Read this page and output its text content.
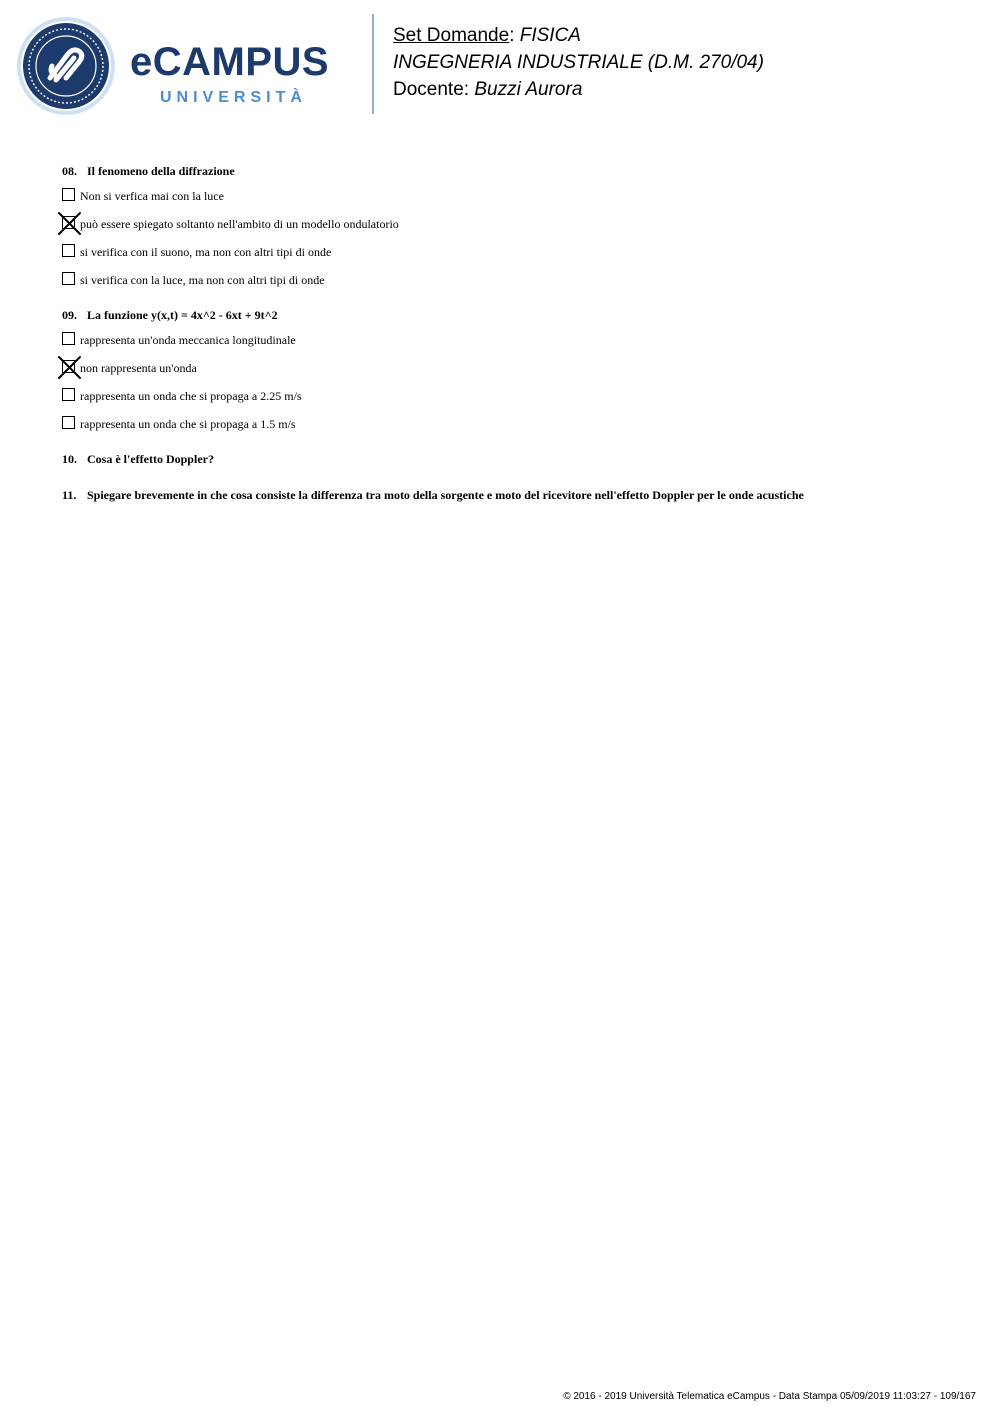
eCAMPUS
UNIVERSITÀ
Set Domande: FISICA
INGEGNERIA INDUSTRIALE (D.M. 270/04)
Docente: Buzzi Aurora
08. Il fenomeno della diffrazione
Non si verfica mai con la luce
può essere spiegato soltanto nell'ambito di un modello ondulatorio
si verifica con il suono, ma non con altri tipi di onde
si verifica con la luce, ma non con altri tipi di onde
09. La funzione y(x,t) = 4x^2 - 6xt + 9t^2
rappresenta un'onda meccanica longitudinale
non rappresenta un'onda
rappresenta un onda che si propaga a 2.25 m/s
rappresenta un onda che si propaga a 1.5 m/s
10. Cosa è l'effetto Doppler?
11. Spiegare brevemente in che cosa consiste la differenza tra moto della sorgente e moto del ricevitore nell'effetto Doppler per le onde acustiche
© 2016 - 2019 Università Telematica eCampus - Data Stampa 05/09/2019 11:03:27 - 109/167
